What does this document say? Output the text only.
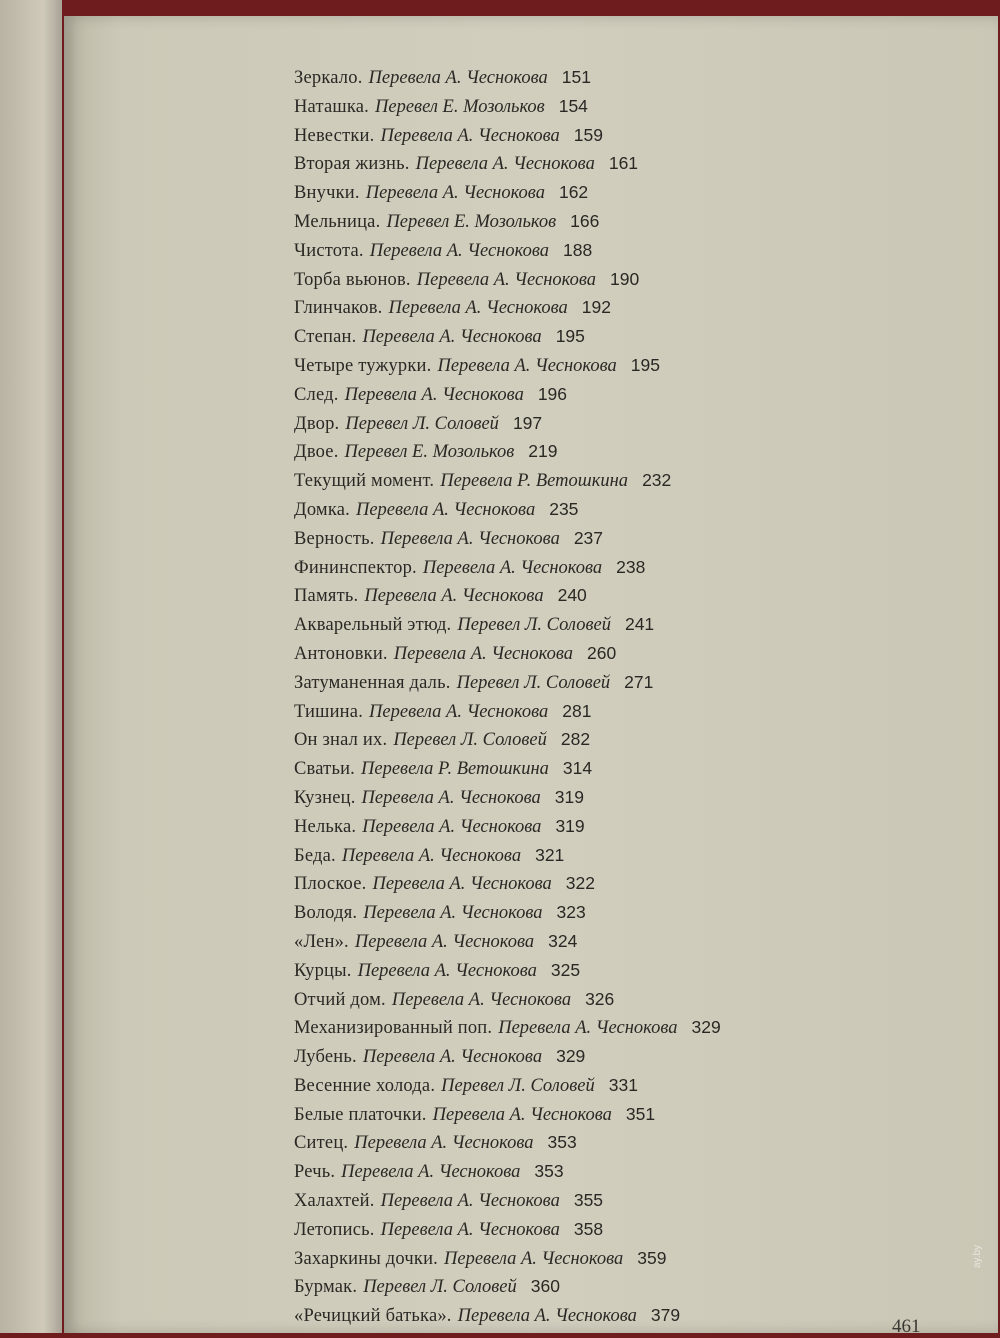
Зеркало. Перевела А. Чеснокова 151
Наташка. Перевел Е. Мозольков 154
Невестки. Перевела А. Чеснокова 159
Вторая жизнь. Перевела А. Чеснокова 161
Внучки. Перевела А. Чеснокова 162
Мельница. Перевел Е. Мозольков 166
Чистота. Перевела А. Чеснокова 188
Торба вьюнов. Перевела А. Чеснокова 190
Глинчаков. Перевела А. Чеснокова 192
Степан. Перевела А. Чеснокова 195
Четыре тужурки. Перевела А. Чеснокова 195
След. Перевела А. Чеснокова 196
Двор. Перевел Л. Соловей 197
Двое. Перевел Е. Мозольков 219
Текущий момент. Перевела Р. Ветошкина 232
Домка. Перевела А. Чеснокова 235
Верность. Перевела А. Чеснокова 237
Фининспектор. Перевела А. Чеснокова 238
Память. Перевела А. Чеснокова 240
Акварельный этюд. Перевел Л. Соловей 241
Антоновки. Перевела А. Чеснокова 260
Затуманенная даль. Перевел Л. Соловей 271
Тишина. Перевела А. Чеснокова 281
Он знал их. Перевел Л. Соловей 282
Сватьи. Перевела Р. Ветошкина 314
Кузнец. Перевела А. Чеснокова 319
Нелька. Перевела А. Чеснокова 319
Беда. Перевела А. Чеснокова 321
Плоское. Перевела А. Чеснокова 322
Володя. Перевела А. Чеснокова 323
«Лен». Перевела А. Чеснокова 324
Курцы. Перевела А. Чеснокова 325
Отчий дом. Перевела А. Чеснокова 326
Механизированный поп. Перевела А. Чеснокова 329
Лубень. Перевела А. Чеснокова 329
Весенние холода. Перевел Л. Соловей 331
Белые платочки. Перевела А. Чеснокова 351
Ситец. Перевела А. Чеснокова 353
Речь. Перевела А. Чеснокова 353
Халахтей. Перевела А. Чеснокова 355
Летопись. Перевела А. Чеснокова 358
Захаркины дочки. Перевела А. Чеснокова 359
Бурмак. Перевел Л. Соловей 360
«Речицкий батька». Перевела А. Чеснокова 379
461
ay.by
